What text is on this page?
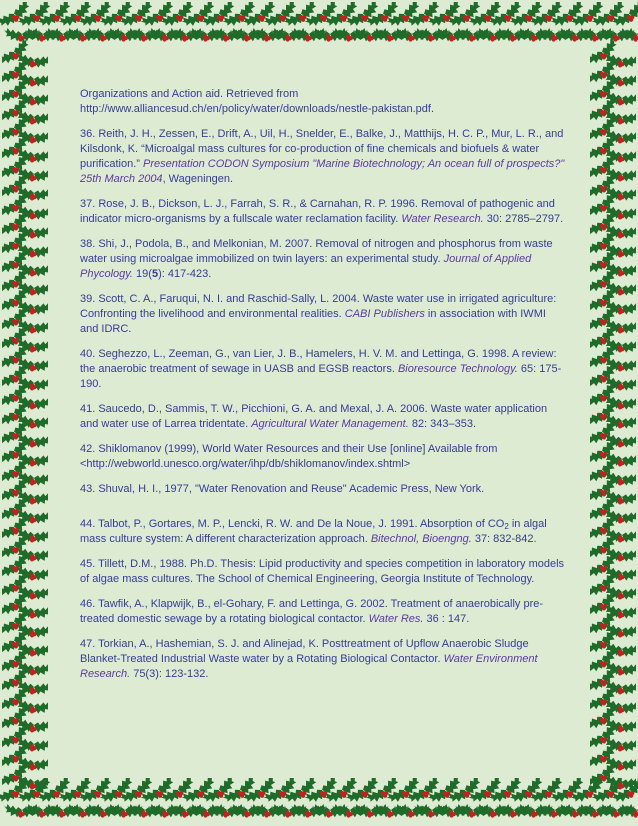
Organizations and Action aid. Retrieved from http://www.alliancesud.ch/en/policy/water/downloads/nestle-pakistan.pdf.

36. Reith, J. H., Zessen, E., Drift, A., Uil, H., Snelder, E., Balke, J., Matthijs, H. C. P., Mur, L. R., and Kilsdonk, K. “Microalgal mass cultures for co-production of fine chemicals and biofuels & water purification.” Presentation CODON Symposium "Marine Biotechnology; An ocean full of prospects?" 25th March 2004, Wageningen.

37. Rose, J. B., Dickson, L. J., Farrah, S. R., & Carnahan, R. P. 1996. Removal of pathogenic and indicator micro-organisms by a fullscale water reclamation facility. Water Research. 30: 2785–2797.

38. Shi, J., Podola, B., and Melkonian, M. 2007. Removal of nitrogen and phosphorus from waste water using microalgae immobilized on twin layers: an experimental study. Journal of Applied Phycology. 19(5): 417-423.

39. Scott, C. A., Faruqui, N. I. and Raschid-Sally, L. 2004. Waste water use in irrigated agriculture: Confronting the livelihood and environmental realities. CABI Publishers in association with IWMI and IDRC.

40. Seghezzo, L., Zeeman, G., van Lier, J. B., Hamelers, H. V. M. and Lettinga, G. 1998. A review: the anaerobic treatment of sewage in UASB and EGSB reactors. Bioresource Technology. 65: 175-190.

41. Saucedo, D., Sammis, T. W., Picchioni, G. A. and Mexal, J. A. 2006. Waste water application and water use of Larrea tridentate. Agricultural Water Management. 82: 343–353.

42. Shiklomanov (1999), World Water Resources and their Use [online] Available from <http://webworld.unesco.org/water/ihp/db/shiklomanov/index.shtml>

43. Shuval, H. I., 1977, "Water Renovation and Reuse" Academic Press, New York.

44. Talbot, P., Gortares, M. P., Lencki, R. W. and De la Noue, J. 1991. Absorption of $CO_2$ in algal mass culture system: A different characterization approach. Bitechnol, Bioengng. 37: 832-842.

45. Tillett, D.M., 1988. Ph.D. Thesis: Lipid productivity and species competition in laboratory models of algae mass cultures. The School of Chemical Engineering, Georgia Institute of Technology.

46. Tawfik, A., Klapwijk, B., el-Gohary, F. and Lettinga, G. 2002. Treatment of anaerobically pre-treated domestic sewage by a rotating biological contactor. Water Res. 36 : 147.

47. Torkian, A., Hashemian, S. J. and Alinejad, K. Posttreatment of Upflow Anaerobic Sludge Blanket-Treated Industrial Waste water by a Rotating Biological Contactor. Water Environment Research. 75(3): 123-132.
